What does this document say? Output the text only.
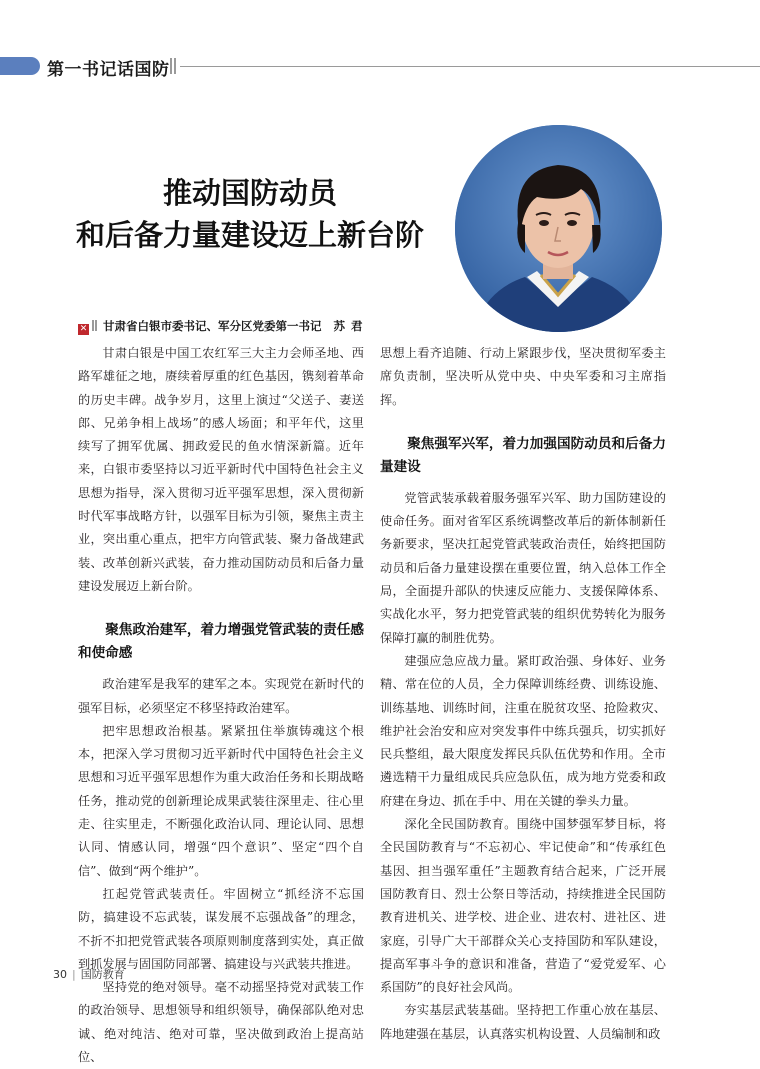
第一书记话国防
推动国防动员
和后备力量建设迈上新台阶
✕ 甘肃省白银市委书记、军分区党委第一书记 苏君

甘肃白银是中国工农红军三大主力会师圣地、西路军雄征之地，赓续着厚重的红色基因，镌刻着革命的历史丰碑。战争岁月，这里上演过“父送子、妻送郎、兄弟争相上战场”的感人场面；和平年代，这里续写了拥军优属、拥政爱民的鱼水情深新篇。近年来，白银市委坚持以习近平新时代中国特色社会主义思想为指导，深入贯彻习近平强军思想，深入贯彻新时代军事战略方针，以强军目标为引领，聚焦主责主业，突出重心重点，把牢方向管武装、聚力备战建武装、改革创新兴武装，奋力推动国防动员和后备力量建设发展迈上新台阶。

聚焦政治建军，着力增强党管武装的责任感和使命感

政治建军是我军的建军之本。实现党在新时代的强军目标，必须坚定不移坚持政治建军。

把牢思想政治根基。紧紧扭住举旗铸魂这个根本，把深入学习贯彻习近平新时代中国特色社会主义思想和习近平强军思想作为重大政治任务和长期战略任务，推动党的创新理论成果武装往深里走、往心里走、往实里走，不断强化政治认同、理论认同、思想认同、情感认同，增强“四个意识”、坚定“四个自信”、做到“两个维护”。

扛起党管武装责任。牢固树立“抓经济不忘国防，搞建设不忘武装，谋发展不忘强战备”的理念，不折不扣把党管武装各项原则制度落到实处，真正做到抓发展与固国防同部署、搞建设与兴武装共推进。

坚持党的绝对领导。毫不动摇坚持党对武装工作的政治领导、思想领导和组织领导，确保部队绝对忠诚、绝对纯洁、绝对可靠，坚决做到政治上提高站位、

思想上看齐追随、行动上紧跟步伐，坚决贯彻军委主席负责制，坚决听从党中央、中央军委和习主席指挥。

聚焦强军兴军，着力加强国防动员和后备力量建设

党管武装承载着服务强军兴军、助力国防建设的使命任务。面对省军区系统调整改革后的新体制新任务新要求，坚决扛起党管武装政治责任，始终把国防动员和后备力量建设摆在重要位置，纳入总体工作全局，全面提升部队的快速反应能力、支援保障体系、实战化水平，努力把党管武装的组织优势转化为服务保障打赢的制胜优势。

建强应急应战力量。紧盯政治强、身体好、业务精、常在位的人员，全力保障训练经费、训练设施、训练基地、训练时间，注重在脱贫攻坚、抢险救灾、维护社会治安和应对突发事件中练兵强兵，切实抓好民兵整组，最大限度发挥民兵队伍优势和作用。全市遴选精干力量组成民兵应急队伍，成为地方党委和政府建在身边、抓在手中、用在关键的拳头力量。

深化全民国防教育。围绕中国梦强军梦目标，将全民国防教育与“不忘初心、牢记使命”和“传承红色基因、担当强军重任”主题教育结合起来，广泛开展国防教育日、烈士公祭日等活动，持续推进全民国防教育进机关、进学校、进企业、进农村、进社区、进家庭，引导广大干部群众关心支持国防和军队建设，提高军事斗争的意识和准备，营造了“爱党爱军、心系国防”的良好社会风尚。

夯实基层武装基础。坚持把工作重心放在基层、阵地建强在基层，认真落实机构设置、人员编制和政

30 | 国防教育
